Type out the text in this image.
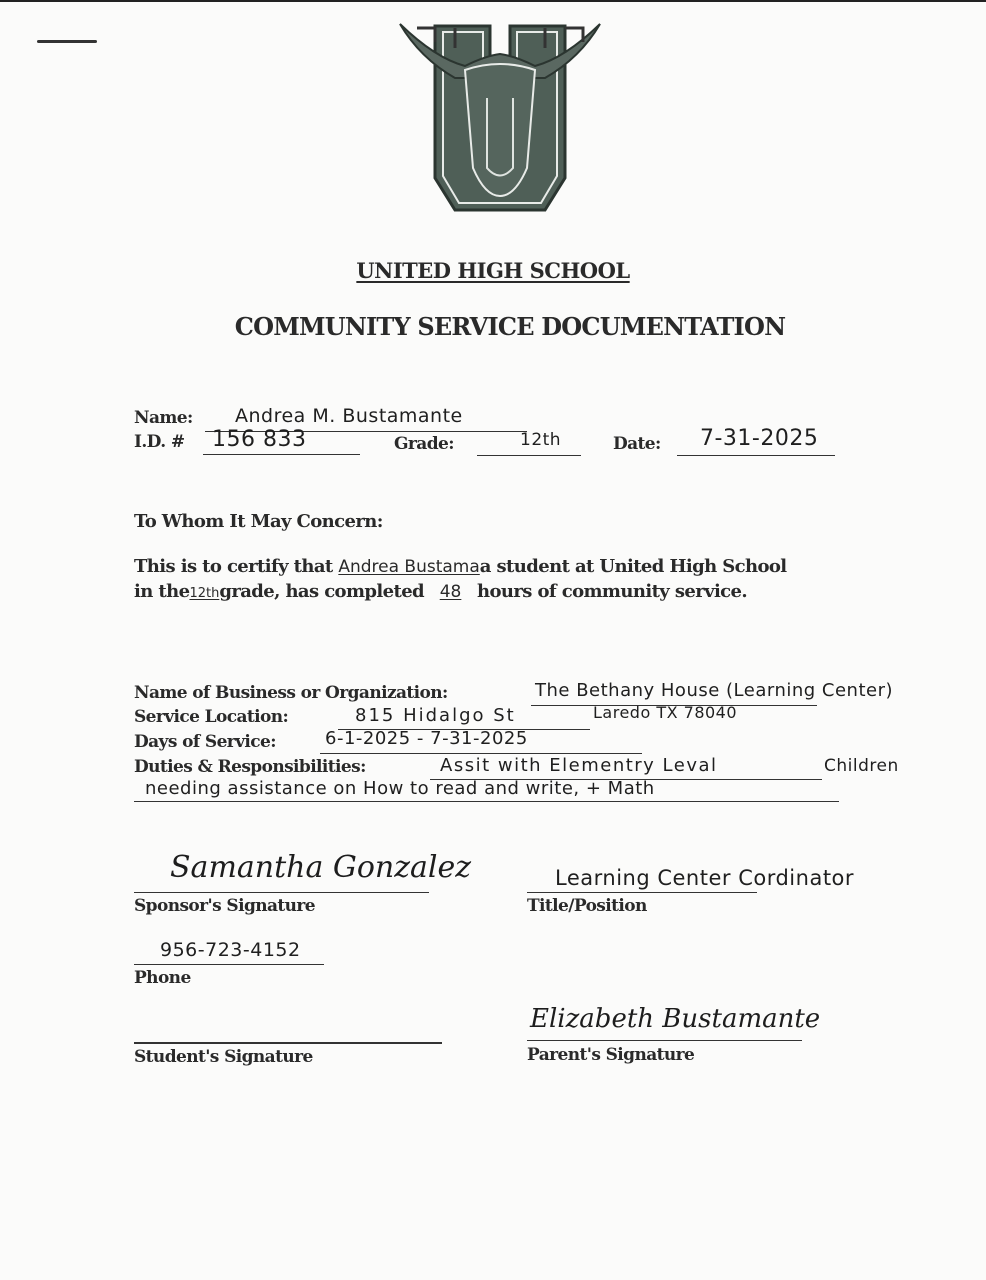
UNITED HIGH SCHOOL
COMMUNITY SERVICE DOCUMENTATION
Name: Andrea M. Bustamante
I.D. # 156 833	Grade:	12th	Date: 7-31-2025
To Whom It May Concern:
This is to certify that Andrea Bustamaa student at United High School
in the12thgrade, has completed 48 hours of community service.
Name of Business or Organization:	The Bethany House (Learning Center)
Service Location:	815 Hidalgo St	Laredo TX 78040
Days of Service:	6-1-2025 - 7-31-2025
Duties & Responsibilities:	Assit with Elementry Leval	Children
needing assistance on How to read and write, + Math
Samantha Gonzalez
Sponsor's Signature
Learning Center Cordinator
Title/Position
956-723-4152
Phone
Student's Signature
Elizabeth Bustamante
Parent's Signature
